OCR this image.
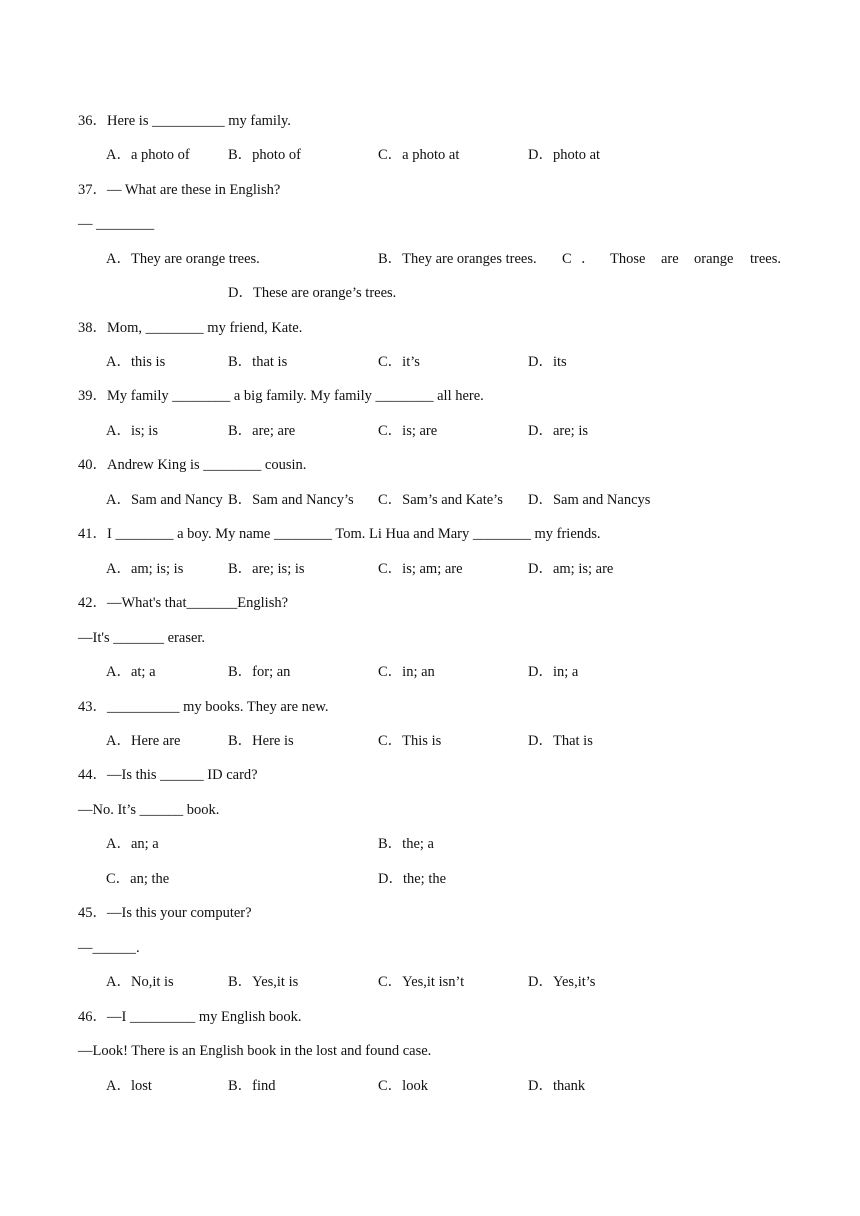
36．Here is __________ my family.
A．a photo of	B．photo of	C．a photo at	D．photo at
37．— What are these in English?
— ________
A．They are orange trees.	B．They are oranges trees. C ． Those are orange trees.
D．These are orange’s trees.
38．Mom, ________ my friend, Kate.
A．this is	B．that is	C．it’s	D．its
39．My family ________ a big family. My family ________ all here.
A．is; is	B．are; are	C．is; are	D．are; is
40．Andrew King is ________ cousin.
A．Sam and Nancy B．Sam and Nancy’s C．Sam’s and Kate’s D．Sam and Nancys
41．I ________ a boy. My name ________ Tom. Li Hua and Mary ________ my friends.
A．am; is; is	B．are; is; is	C．is; am; are	D．am; is; are
42．—What's that_______English?
—It's _______ eraser.
A．at; a	B．for; an	C．in; an	D．in; a
43．__________ my books. They are new.
A．Here are	B．Here is	C．This is	D．That is
44．—Is this ______ ID card?
—No. It’s ______ book.
A．an; a	B．the; a
C．an; the	D．the; the
45．—Is this your computer?
—______.
A．No,it is	B．Yes,it is	C．Yes,it isn’t	D．Yes,it’s
46．—I _________ my English book.
—Look! There is an English book in the lost and found case.
A．lost	B．find	C．look	D．thank
